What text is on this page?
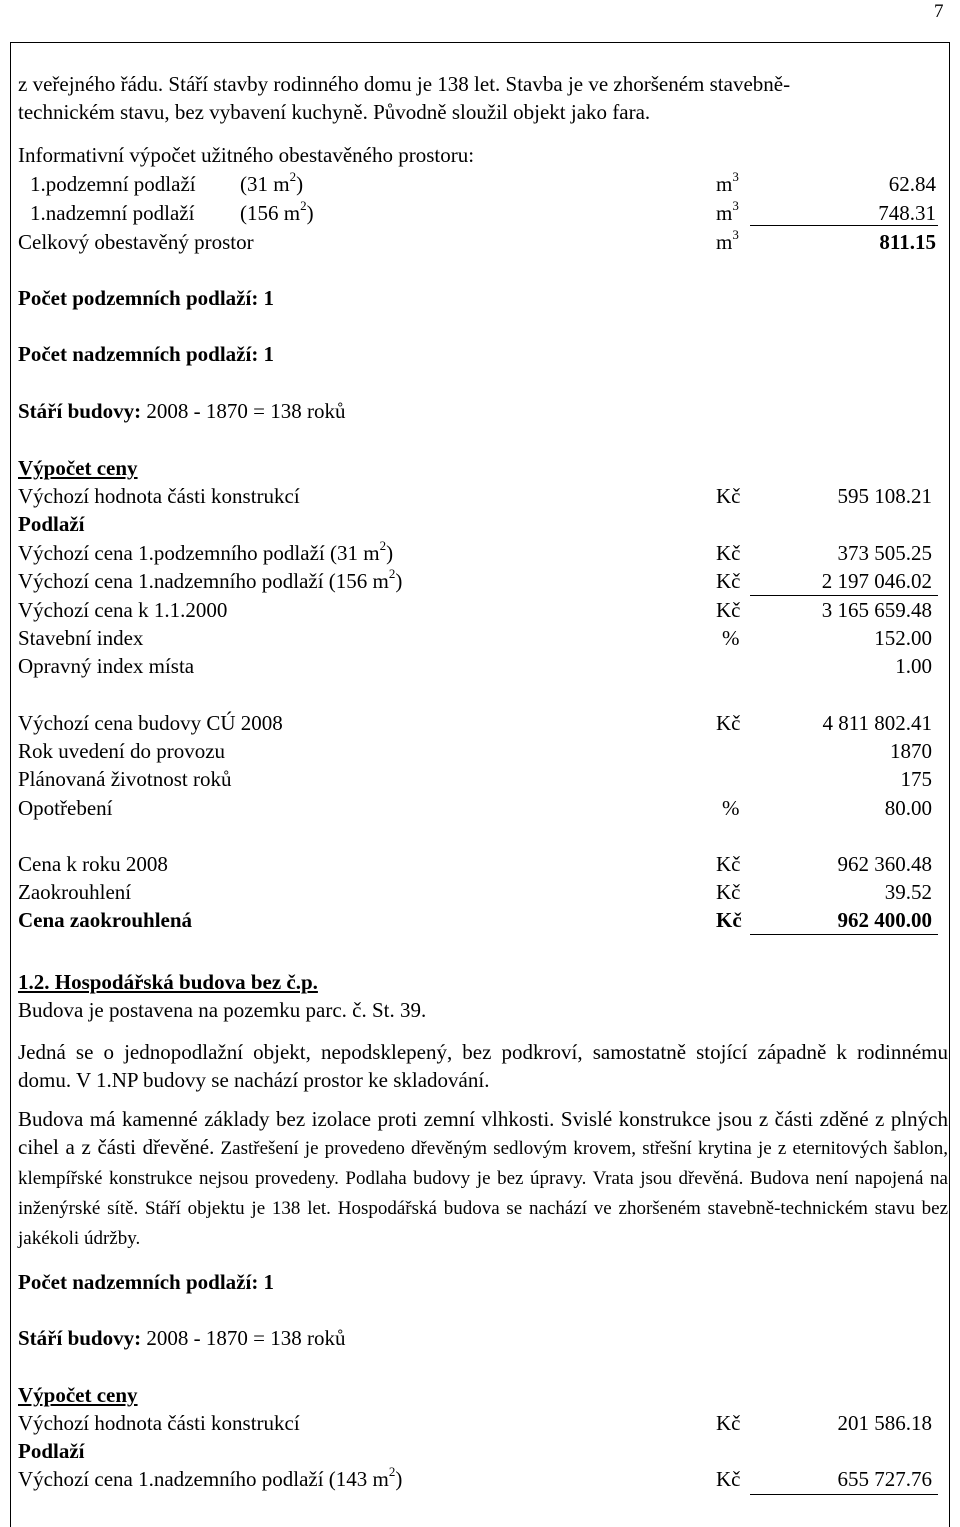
7
z veřejného řádu. Stáří stavby rodinného domu je 138 let. Stavba je ve zhoršeném stavebně-
technickém stavu, bez vybavení kuchyně. Původně sloužil objekt jako fara.
Informativní výpočet užitného obestavěného prostoru:
1.podzemní podlaží (31 $m^2$)	$m^3$	62.84
1.nadzemní podlaží (156 $m^2$)	$m^3$	748.31
Celkový obestavěný prostor	$m^3$	811.15
Počet podzemních podlaží: 1
Počet nadzemních podlaží: 1
Stáří budovy: 2008 - 1870 = 138 roků
Výpočet ceny
Výchozí hodnota části konstrukcí	Kč	595 108.21
Podlaží
Výchozí cena 1.podzemního podlaží (31 $m^2$)	Kč	373 505.25
Výchozí cena 1.nadzemního podlaží (156 $m^2$)	Kč	2 197 046.02
Výchozí cena k 1.1.2000	Kč	3 165 659.48
Stavební index	%	152.00
Opravný index místa	1.00
Výchozí cena budovy CÚ 2008	Kč	4 811 802.41
Rok uvedení do provozu	1870
Plánovaná životnost roků	175
Opotřebení	%	80.00
Cena k roku 2008	Kč	962 360.48
Zaokrouhlení	Kč	39.52
Cena zaokrouhlená	Kč	962 400.00
1.2. Hospodářská budova bez č.p.
Budova je postavena na pozemku parc. č. St. 39.
Jedná se o jednopodlažní objekt, nepodsklepený, bez podkroví, samostatně stojící západně k rodinnému domu. V 1.NP budovy se nachází prostor ke skladování.
Budova má kamenné základy bez izolace proti zemní vlhkosti. Svislé konstrukce jsou z části zděné z plných cihel a z části dřevěné. Zastřešení je provedeno dřevěným sedlovým krovem, střešní krytina je z eternitových šablon, klempířské konstrukce nejsou provedeny. Podlaha budovy je bez úpravy. Vrata jsou dřevěná. Budova není napojená na inženýrské sítě. Stáří objektu je 138 let. Hospodářská budova se nachází ve zhoršeném stavebně-technickém stavu bez jakékoli údržby.
Počet nadzemních podlaží: 1
Stáří budovy: 2008 - 1870 = 138 roků
Výpočet ceny
Výchozí hodnota části konstrukcí	Kč	201 586.18
Podlaží
Výchozí cena 1.nadzemního podlaží (143 $m^2$)	Kč	655 727.76
